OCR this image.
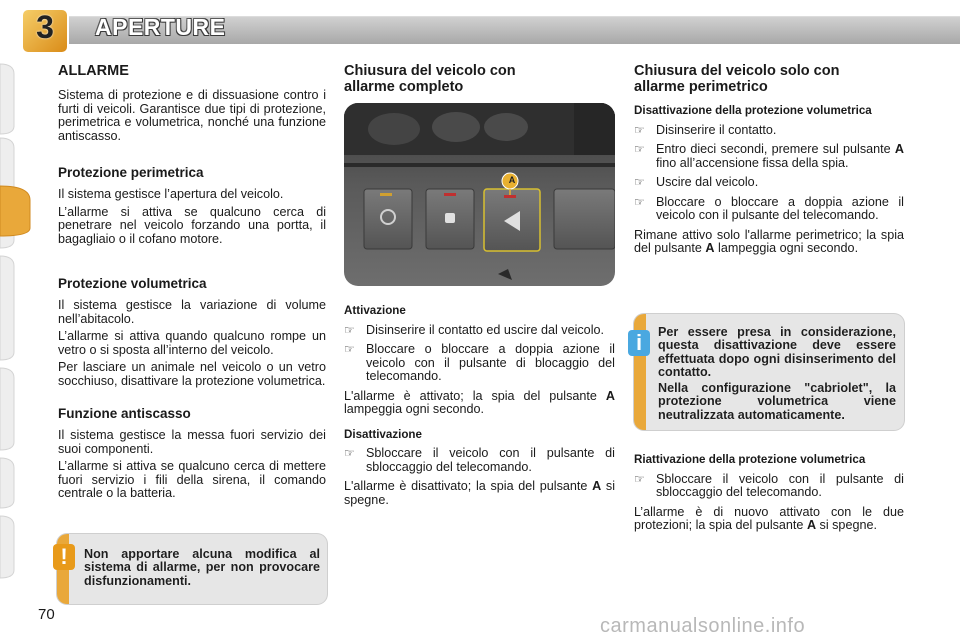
3	APERTURE
ALLARME

Sistema di protezione e di dissuasione contro i furti di veicoli. Garantisce due tipi di protezione, perimetrica e volumetrica, nonché una funzione antiscasso.

Protezione perimetrica

Il sistema gestisce l’apertura del veicolo.

L’allarme si attiva se qualcuno cerca di penetrare nel veicolo forzando una portta, il bagagliaio o il cofano motore.

Protezione volumetrica

Il sistema gestisce la variazione di volume nell’abitacolo.

L’allarme si attiva quando qualcuno rompe un vetro o si sposta all’interno del veicolo.

Per lasciare un animale nel veicolo o un vetro socchiuso, disattivare la protezione volumetrica.

Funzione antiscasso

Il sistema gestisce la messa fuori servizio dei suoi componenti.

L’allarme si attiva se qualcuno cerca di mettere fuori servizio i fili della sirena, il comando centrale o la batteria.

!	Non apportare alcuna modifica al sistema di allarme, per non provocare disfunzionamenti.
Chiusura del veicolo con allarme completo
A
Attivazione
☞ Disinserire il contatto ed uscire dal veicolo.
☞ Bloccare o bloccare a doppia azione il veicolo con il pulsante di blocaggio del telecomando.

L'allarme è attivato; la spia del pulsante A lampeggia ogni secondo.

Disattivazione
☞ Sbloccare il veicolo con il pulsante di sbloccaggio del telecomando.

L'allarme è disattivato; la spia del pulsante A si spegne.

Chiusura del veicolo solo con allarme perimetrico
Disattivazione della protezione volumetrica
☞ Disinserire il contatto.
☞ Entro dieci secondi, premere sul pulsante A fino all’accensione fissa della spia.
☞ Uscire dal veicolo.
☞ Bloccare o bloccare a doppia azione il veicolo con il pulsante del telecomando.

Rimane attivo solo l'allarme perimetrico; la spia del pulsante A lampeggia ogni secondo.

i	Per essere presa in considerazione, questa disattivazione deve essere effettuata dopo ogni disinserimento del contatto.
Nella configurazione "cabriolet", la protezione volumetrica viene neutralizzata automaticamente.
Riattivazione della protezione volumetrica
☞ Sbloccare il veicolo con il pulsante di sbloccaggio del telecomando.

L’allarme è di nuovo attivato con le due protezioni; la spia del pulsante A si spegne.

70
carmanualsonline.info
